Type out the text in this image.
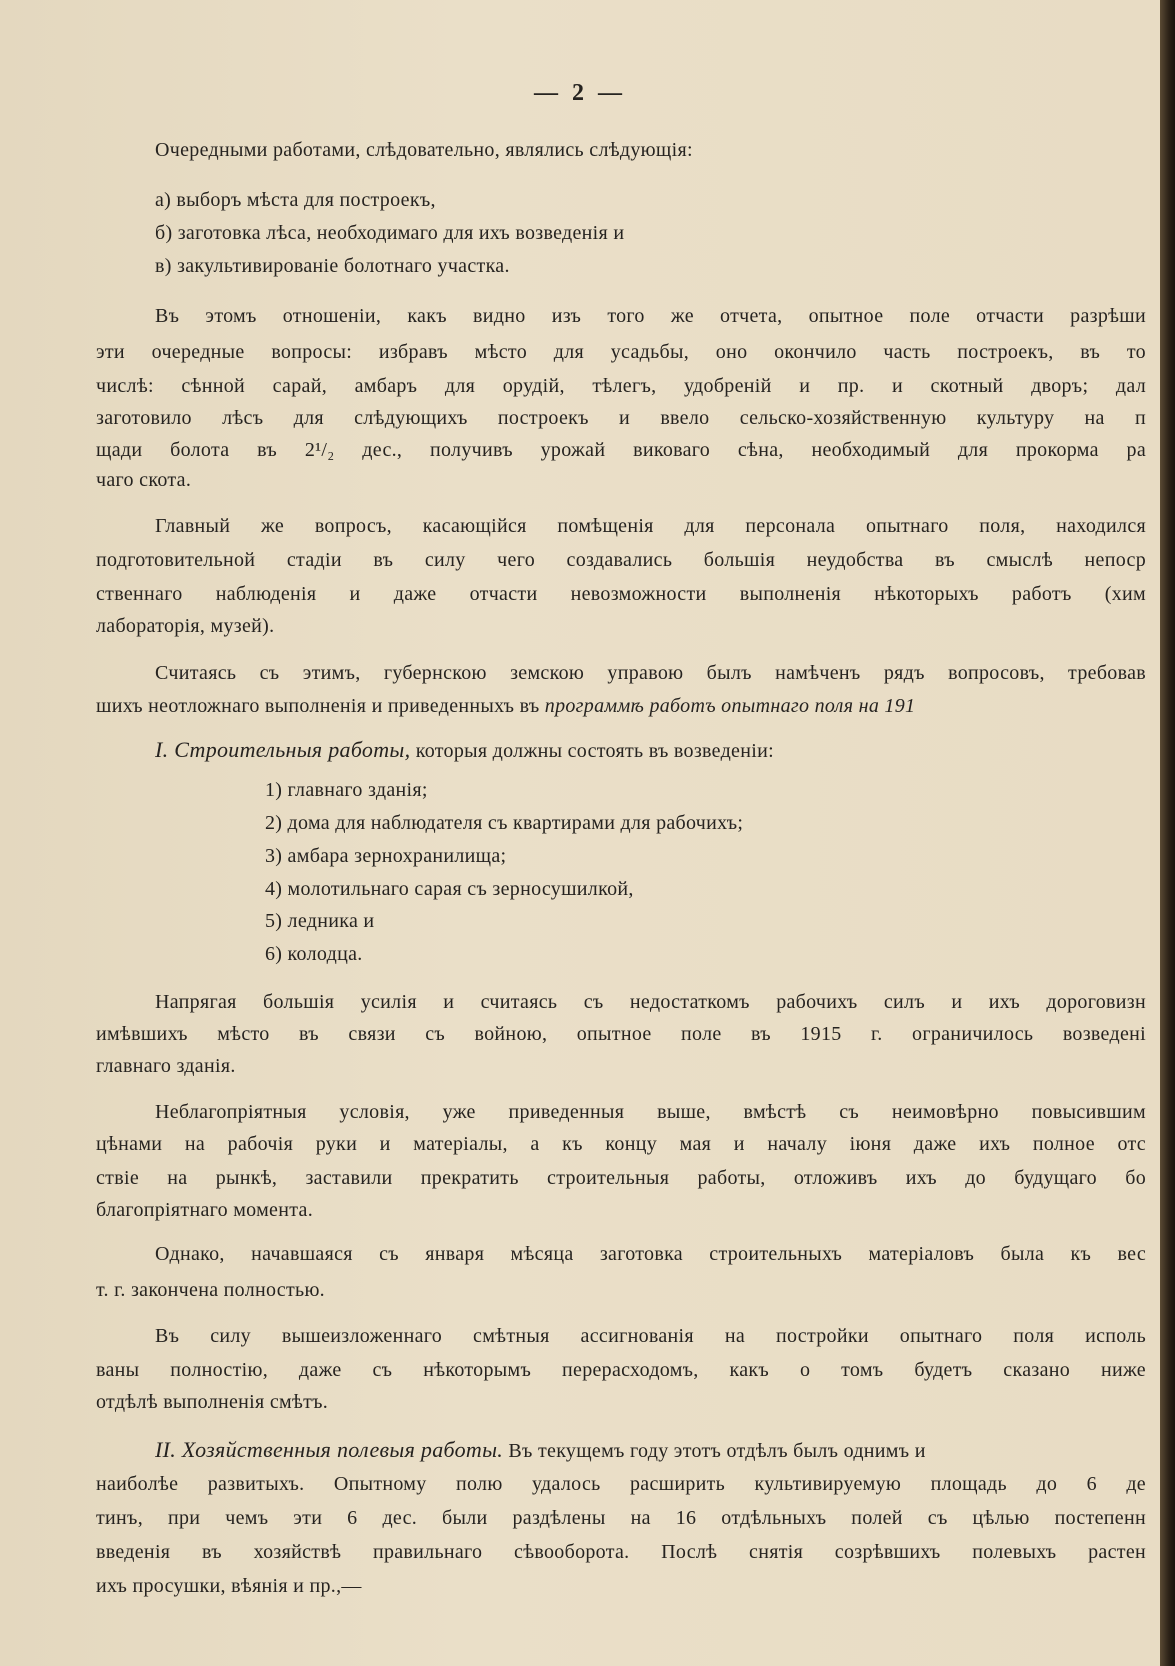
— 2 —
Очередными работами, слѣдовательно, являлись слѣдующія:
а) выборъ мѣста для построекъ,
б) заготовка лѣса, необходимаго для ихъ возведенія и
в) закультивированіе болотнаго участка.
Въ этомъ отношеніи, какъ видно изъ того же отчета, опытное поле отчасти разрѣши
эти очередные вопросы: избравъ мѣсто для усадьбы, оно окончило часть построекъ, въ то
числѣ: сѣнной сарай, амбаръ для орудій, тѣлегъ, удобреній и пр. и скотный дворъ; дал
заготовило лѣсъ для слѣдующихъ построекъ и ввело сельско-хозяйственную культуру на п
щади болота въ 2¹/₂ дес., получивъ урожай виковаго сѣна, необходимый для прокорма ра
чаго скота.
Главный же вопросъ, касающійся помѣщенія для персонала опытнаго поля, находился
подготовительной стадіи въ силу чего создавались большія неудобства въ смыслѣ непоср
ственнаго наблюденія и даже отчасти невозможности выполненія нѣкоторыхъ работъ (хим
лабораторія, музей).
Считаясь съ этимъ, губернскою земскою управою былъ намѣченъ рядъ вопросовъ, требовав
шихъ неотложнаго выполненія и приведенныхъ въ программѣ работъ опытнаго поля на 191
I. Строительныя работы, которыя должны состоять въ возведеніи:
1) главнаго зданія;
2) дома для наблюдателя съ квартирами для рабочихъ;
3) амбара зернохранилища;
4) молотильнаго сарая съ зерносушилкой,
5) ледника и
6) колодца.
Напрягая большія усилія и считаясь съ недостаткомъ рабочихъ силъ и ихъ дороговизн
имѣвшихъ мѣсто въ связи съ войною, опытное поле въ 1915 г. ограничилось возведені
главнаго зданія.
Неблагопріятныя условія, уже приведенныя выше, вмѣстѣ съ неимовѣрно повысившим
цѣнами на рабочія руки и матеріалы, а къ концу мая и началу іюня даже ихъ полное отс
ствіе на рынкѣ, заставили прекратить строительныя работы, отложивъ ихъ до будущаго бо
благопріятнаго момента.
Однако, начавшаяся съ января мѣсяца заготовка строительныхъ матеріаловъ была къ вес
т. г. закончена полностью.
Въ силу вышеизложеннаго смѣтныя ассигнованія на постройки опытнаго поля исполь
ваны полностію, даже съ нѣкоторымъ перерасходомъ, какъ о томъ будетъ сказано ниже
отдѣлѣ выполненія смѣтъ.
II. Хозяйственныя полевыя работы. Въ текущемъ году этотъ отдѣлъ былъ однимъ и
наиболѣе развитыхъ. Опытному полю удалось расширить культивируемую площадь до 6 де
тинъ, при чемъ эти 6 дес. были раздѣлены на 16 отдѣльныхъ полей съ цѣлью постепенн
введенія въ хозяйствѣ правильнаго сѣвооборота. Послѣ снятія созрѣвшихъ полевыхъ растен
ихъ просушки, вѣянія и пр.,—
